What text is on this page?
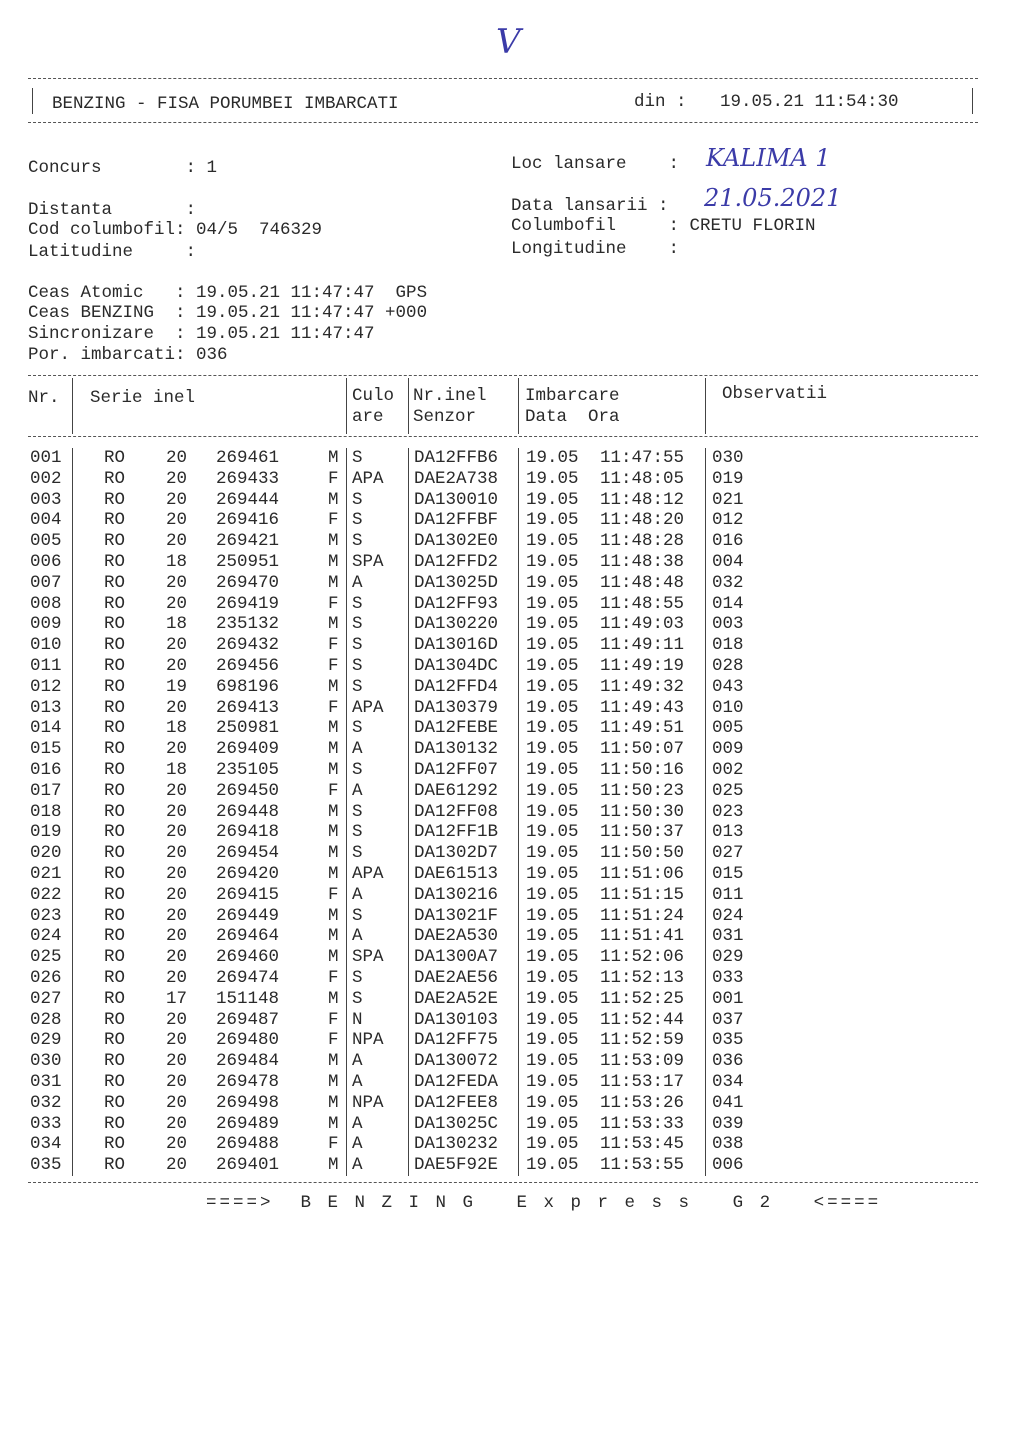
V
BENZING - FISA PORUMBEI IMBARCATI	din : 19.05.21 11:54:30
Concurs        : 1
Distanta       :
Cod columbofil: 04/5  746329
Latitudine     :
Loc lansare    : KALIMA 1
Data lansarii : 21.05.2021
Columbofil     : CRETU FLORIN
Longitudine    :
Ceas Atomic   : 19.05.21 11:47:47  GPS
Ceas BENZING  : 19.05.21 11:47:47 +000
Sincronizare  : 19.05.21 11:47:47
Por. imbarcati: 036
Nr. Serie inel	Culo
are
Nr.inel
Senzor
Imbarcare
Data  Ora
Observatii
001 RO 20 269461	M S	DA12FFB6 19.05 11:47:55 030
002 RO 20 269433	F APA DAE2A738 19.05 11:48:05 019
003 RO 20 269444	M S	DA130010 19.05 11:48:12 021
004 RO 20 269416	F S	DA12FFBF 19.05 11:48:20 012
005 RO 20 269421	M S	DA1302E0 19.05 11:48:28 016
006 RO 18 250951	M SPA DA12FFD2 19.05 11:48:38 004
007 RO 20 269470	M A	DA13025D 19.05 11:48:48 032
008 RO 20 269419	F S	DA12FF93 19.05 11:48:55 014
009 RO 18 235132	M S	DA130220 19.05 11:49:03 003
010 RO 20 269432	F S	DA13016D 19.05 11:49:11 018
011 RO 20 269456	F S	DA1304DC 19.05 11:49:19 028
012 RO 19 698196	M S	DA12FFD4 19.05 11:49:32 043
013 RO 20 269413	F APA DA130379 19.05 11:49:43 010
014 RO 18 250981	M S	DA12FEBE 19.05 11:49:51 005
015 RO 20 269409	M A	DA130132 19.05 11:50:07 009
016 RO 18 235105	M S	DA12FF07 19.05 11:50:16 002
017 RO 20 269450	F A	DAE61292 19.05 11:50:23 025
018 RO 20 269448	M S	DA12FF08 19.05 11:50:30 023
019 RO 20 269418	M S	DA12FF1B 19.05 11:50:37 013
020 RO 20 269454	M S	DA1302D7 19.05 11:50:50 027
021 RO 20 269420	M APA DAE61513 19.05 11:51:06 015
022 RO 20 269415	F A	DA130216 19.05 11:51:15 011
023 RO 20 269449	M S	DA13021F 19.05 11:51:24 024
024 RO 20 269464	M A	DAE2A530 19.05 11:51:41 031
025 RO 20 269460	M SPA DA1300A7 19.05 11:52:06 029
026 RO 20 269474	F S	DAE2AE56 19.05 11:52:13 033
027 RO 17 151148	M S	DAE2A52E 19.05 11:52:25 001
028 RO 20 269487	F N	DA130103 19.05 11:52:44 037
029 RO 20 269480	F NPA DA12FF75 19.05 11:52:59 035
030 RO 20 269484	M A	DA130072 19.05 11:53:09 036
031 RO 20 269478	M A	DA12FEDA 19.05 11:53:17 034
032 RO 20 269498	M NPA DA12FEE8 19.05 11:53:26 041
033 RO 20 269489	M A	DA13025C 19.05 11:53:33 039
034 RO 20 269488	F A	DA130232 19.05 11:53:45 038
035 RO 20 269401	M A	DAE5F92E 19.05 11:53:55 006
====>  B E N Z I N G   E x p r e s s   G 2   <====
